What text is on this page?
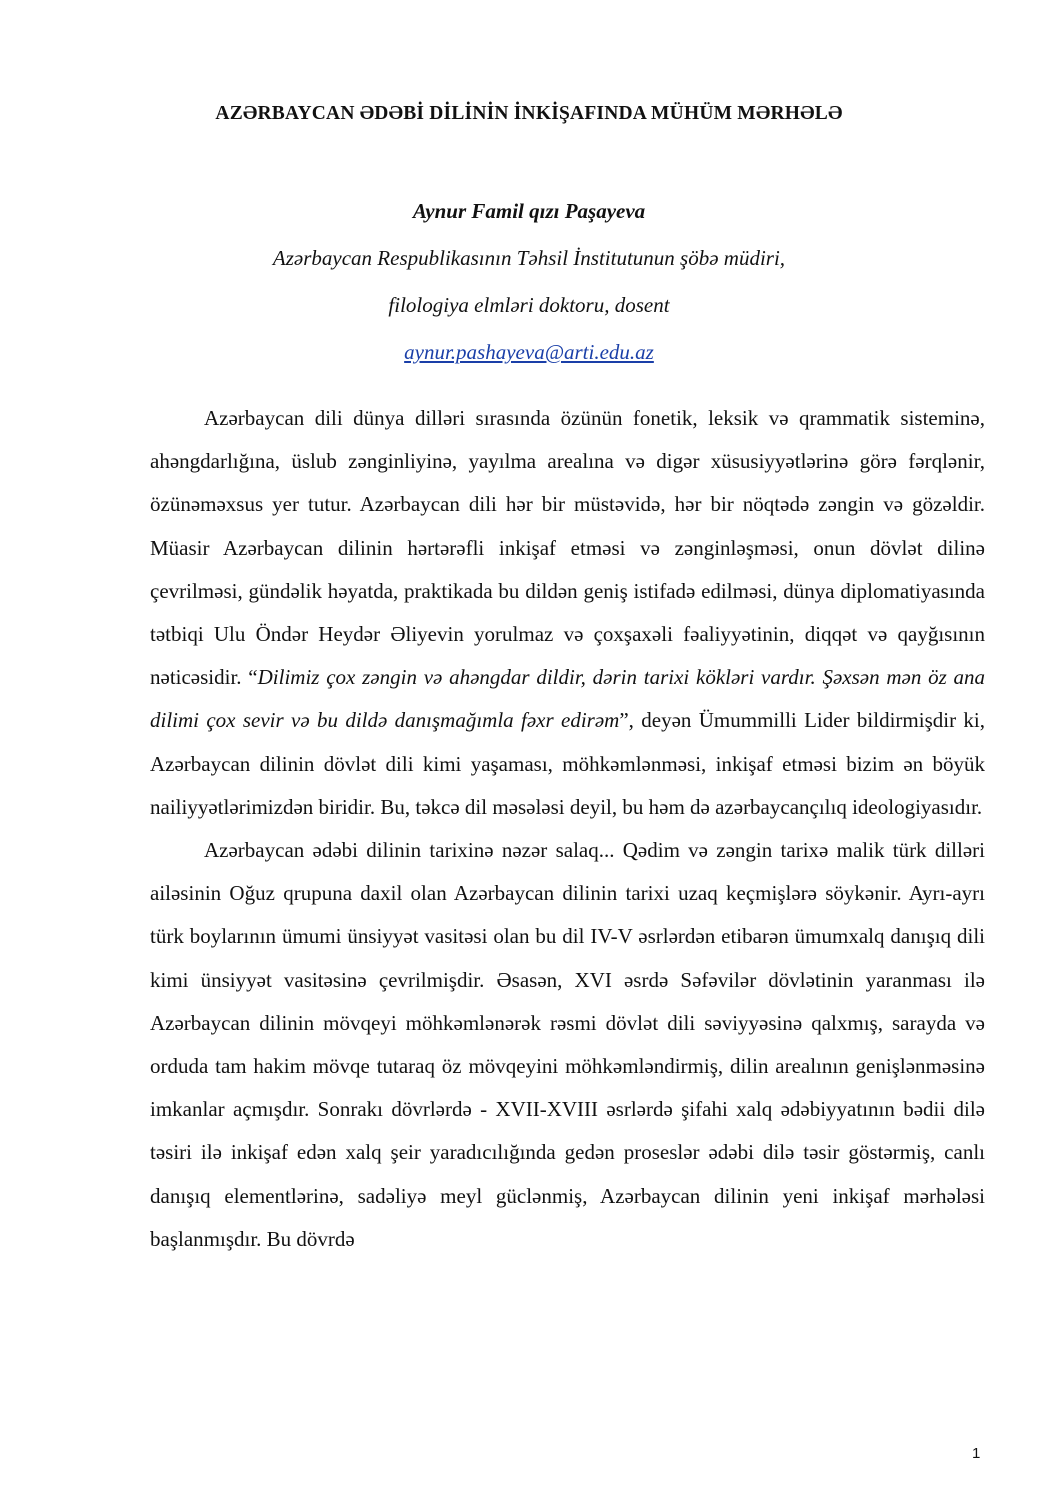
AZƏRBAYCAN ƏDƏBİ DİLİNİN İNKİŞAFINDA MÜHÜM MƏRHƏLƏ
Aynur Famil qızı Paşayeva
Azərbaycan Respublikasının Təhsil İnstitutunun şöbə müdiri,
filologiya elmləri doktoru, dosent
aynur.pashayeva@arti.edu.az

Azərbaycan dili dünya dilləri sırasında özünün fonetik, leksik və qrammatik sisteminə, ahəngdarlığına, üslub zənginliyinə, yayılma arealına və digər xüsusiyyətlərinə görə fərqlənir, özünəməxsus yer tutur. Azərbaycan dili hər bir müstəvidə, hər bir nöqtədə zəngin və gözəldir. Müasir Azərbaycan dilinin hərtərəfli inkişaf etməsi və zənginləşməsi, onun dövlət dilinə çevrilməsi, gündəlik həyatda, praktikada bu dildən geniş istifadə edilməsi, dünya diplomatiyasında tətbiqi Ulu Öndər Heydər Əliyevin yorulmaz və çoxşaxəli fəaliyyətinin, diqqət və qayğısının nəticəsidir. “Dilimiz çox zəngin və ahəngdar dildir, dərin tarixi kökləri vardır. Şəxsən mən öz ana dilimi çox sevir və bu dildə danışmağımla fəxr edirəm”, deyən Ümummilli Lider bildirmişdir ki, Azərbaycan dilinin dövlət dili kimi yaşaması, möhkəmlənməsi, inkişaf etməsi bizim ən böyük nailiyyətlərimizdən biridir. Bu, təkcə dil məsələsi deyil, bu həm də azərbaycançılıq ideologiyasıdır.

Azərbaycan ədəbi dilinin tarixinə nəzər salaq... Qədim və zəngin tarixə malik türk dilləri ailəsinin Oğuz qrupuna daxil olan Azərbaycan dilinin tarixi uzaq keçmişlərə söykənir. Ayrı-ayrı türk boylarının ümumi ünsiyyət vasitəsi olan bu dil IV-V əsrlərdən etibarən ümumxalq danışıq dili kimi ünsiyyət vasitəsinə çevrilmişdir. Əsasən, XVI əsrdə Səfəvilər dövlətinin yaranması ilə Azərbaycan dilinin mövqeyi möhkəmlənərək rəsmi dövlət dili səviyyəsinə qalxmış, sarayda və orduda tam hakim mövqe tutaraq öz mövqeyini möhkəmləndirmiş, dilin arealının genişlənməsinə imkanlar açmışdır. Sonrakı dövrlərdə - XVII-XVIII əsrlərdə şifahi xalq ədəbiyyatının bədii dilə təsiri ilə inkişaf edən xalq şeir yaradıcılığında gedən proseslər ədəbi dilə təsir göstərmiş, canlı danışıq elementlərinə, sadəliyə meyl güclənmiş, Azərbaycan dilinin yeni inkişaf mərhələsi başlanmışdır. Bu dövrdə

1
